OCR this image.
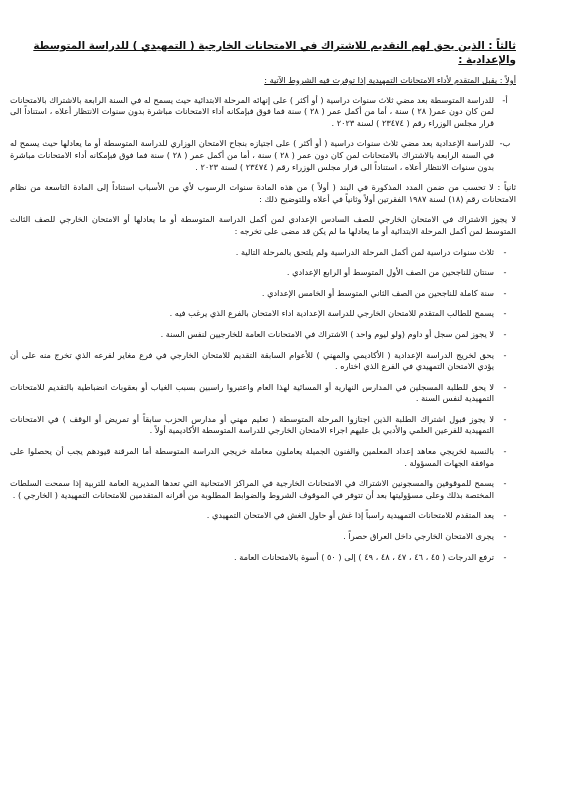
ثالثاً : الذين يحق لهم التقديم للاشتراك في الامتحانات الخارجية ( التمهيدي ) للدراسة المتوسطة والإعدادية :
أولاً : يقبل المتقدم لأداء الامتحانات التمهيدية إذا توفرت فيه الشروط الآتية :
أ-
للدراسة المتوسطة بعد مضي ثلاث سنوات دراسية ( أو أكثر ) على إنهائه المرحلة الابتدائية حيث يسمح له في السنة الرابعة بالاشتراك بالامتحانات لمن كان دون عمر( ٢٨ ) سنة ، أما من أكمل عمر ( ٢٨ ) سنة فما فوق فبإمكانه أداء الامتحانات مباشرة بدون سنوات الانتظار أعلاه ، استناداً الى قرار مجلس الوزراء رقم ( ٢٣٤٧٤ ) لسنة ٢٠٢٣ .
ب-
للدراسة الإعدادية بعد مضي ثلاث سنوات دراسية ( أو أكثر ) على اجتيازه بنجاح الامتحان الوزاري للدراسة المتوسطة أو ما يعادلها حيث يسمح له في السنة الرابعة بالاشتراك بالامتحانات لمن كان دون عمر ( ٢٨ ) سنة ، أما من أكمل عمر ( ٢٨ ) سنة فما فوق فبإمكانه أداء الامتحانات مباشرة بدون سنوات الانتظار أعلاه ، استناداً الى قرار مجلس الوزراء رقم ( ٢٣٤٧٤ ) لسنة ٢٠٢٣ .
ثانياً : لا تحسب من ضمن المدد المذكورة في البند ( أولاً ) من هذه المادة سنوات الرسوب لأي من الأسباب استناداً إلى المادة التاسعة من نظام الامتحانات رقم (١٨) لسنة ١٩٨٧ الفقرتين أولاً وثانياً في أعلاه وللتوضيح ذلك :
لا يجوز الاشتراك في الامتحان الخارجي للصف السادس الإعدادي لمن أكمل الدراسة المتوسطة أو ما يعادلها أو الامتحان الخارجي للصف الثالث المتوسط لمن أكمل المرحلة الابتدائية أو ما يعادلها ما لم يكن قد مضى على تخرجه :
-
ثلاث سنوات دراسية لمن أكمل المرحلة الدراسية ولم يلتحق بالمرحلة التالية .
-
سنتان للناجحين من الصف الأول المتوسط أو الرابع الإعدادي .
-
سنة كاملة للناجحين من الصف الثاني المتوسط أو الخامس الإعدادي .
-
يسمح للطالب المتقدم للامتحان الخارجي للدراسة الإعدادية اداء الامتحان بالفرع الذي يرغب فيه .
-
لا يجوز لمن سجل أو داوم (ولو ليوم واحد ) الاشتراك في الامتحانات العامة للخارجيين لنفس السنة .
-
يحق لخريج الدراسة الإعدادية ( الأكاديمي والمهني ) للأعوام السابقة التقديم للامتحان الخارجي في فرع مغاير لفرعه الذي تخرج منه على أن يؤدي الامتحان التمهيدي في الفرع الذي اختاره .
-
لا يحق للطلبة المسجلين في المدارس النهارية أو المسائية لهذا العام واعتبروا راسبين بسبب الغياب أو بعقوبات انضباطية بالتقديم للامتحانات التمهيدية لنفس السنة .
-
لا يجوز قبول اشتراك الطلبة الذين اجتازوا المرحلة المتوسطة ( تعليم مهني أو مدارس الحزب سابقاً أو تمريض أو الوقف ) في الامتحانات التمهيدية للفرعين العلمي والأدبي بل عليهم اجراء الامتحان الخارجي للدراسة المتوسطة الأكاديمية أولاً .
-
بالنسبة لخريجي معاهد إعداد المعلمين والفنون الجميلة يعاملون معاملة خريجي الدراسة المتوسطة أما المرقنة قيودهم يجب أن يحصلوا على موافقة الجهات المسؤولة .
-
يسمح للموقوفين والمسجونين الاشتراك في الامتحانات الخارجية في المراكز الامتحانية التي تعدها المديرية العامة للتربية إذا سمحت السلطات المختصة بذلك وعلى مسؤوليتها بعد أن تتوفر في الموقوف الشروط والضوابط المطلوبة من أقرانه المتقدمين للامتحانات التمهيدية ( الخارجي ) .
-
يعد المتقدم للامتحانات التمهيدية راسباً إذا غش أو حاول الغش في الامتحان التمهيدي .
-
يجرى الامتحان الخارجي داخل العراق حصراً .
-
ترفع الدرجات ( ٤٥ ، ٤٦ ، ٤٧ ، ٤٨ ، ٤٩ ) إلى ( ٥٠ ) أسوة بالامتحانات العامة .
